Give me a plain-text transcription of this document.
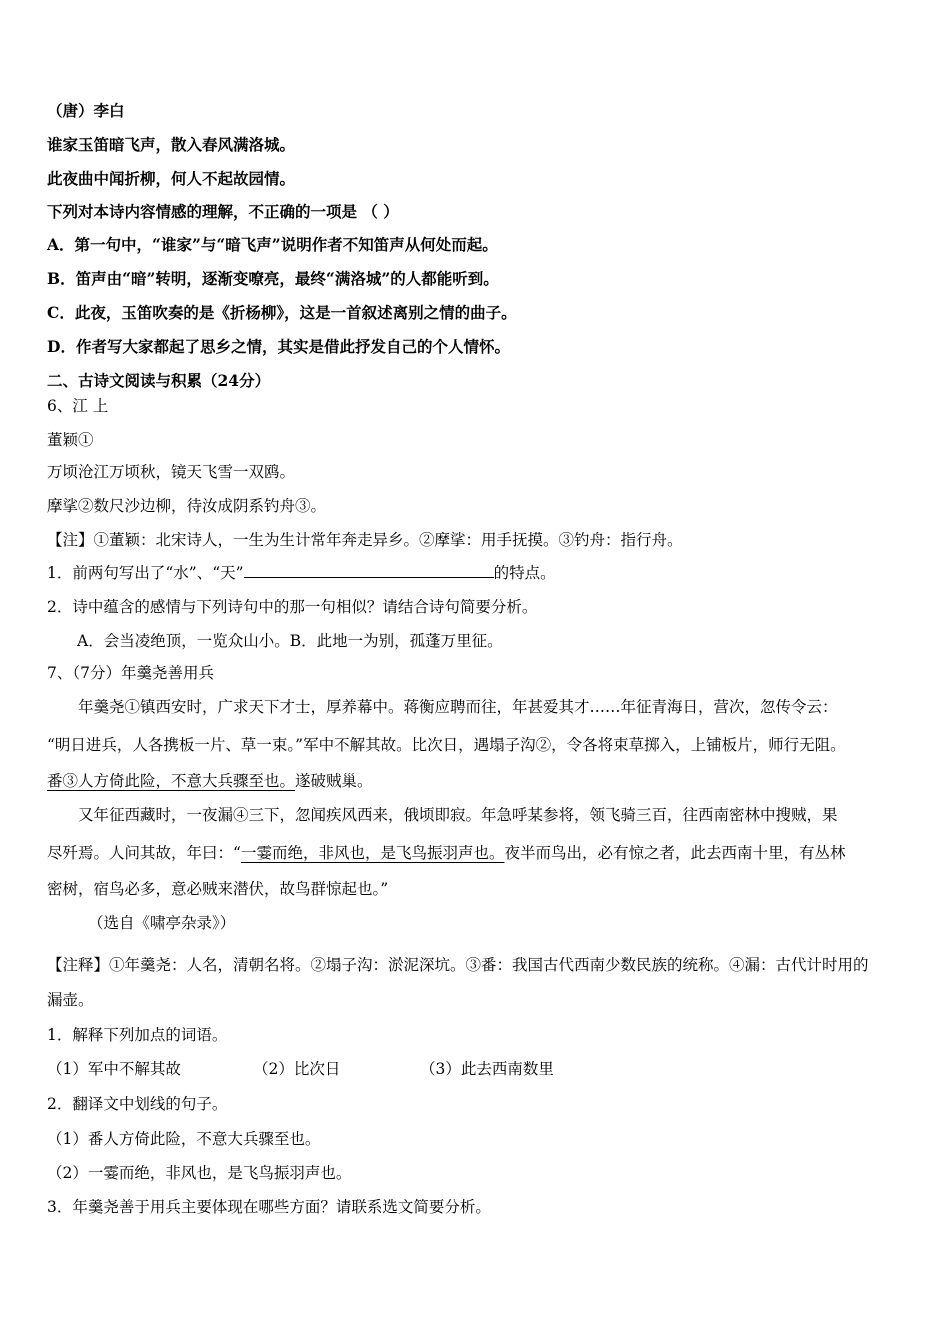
（唐）李白
谁家玉笛暗飞声，散入春风满洛城。
此夜曲中闻折柳，何人不起故园情。
下列对本诗内容情感的理解，不正确的一项是 （ ）
A．第一句中，“谁家”与“暗飞声”说明作者不知笛声从何处而起。
B．笛声由“暗”转明，逐渐变嘹亮，最终“满洛城”的人都能听到。
C．此夜，玉笛吹奏的是《折杨柳》，这是一首叙述离别之情的曲子。
D．作者写大家都起了思乡之情，其实是借此抒发自己的个人情怀。
二、古诗文阅读与积累（24分）
6、江 上
董颖①
万顷沧江万顷秋，镜天飞雪一双鸥。
摩挲②数尺沙边柳，待汝成阴系钓舟③。
【注】①董颖：北宋诗人，一生为生计常年奔走异乡。②摩挲：用手抚摸。③钓舟：指行舟。
1．前两句写出了“水”、“天”	的特点。
2．诗中蕴含的感情与下列诗句中的那一句相似？请结合诗句简要分析。
A．会当凌绝顶，一览众山小。B．此地一为别，孤蓬万里征。
7、（7分）年羹尧善用兵
年羹尧①镇西安时，广求天下才士，厚养幕中。蒋衡应聘而往，年甚爱其才……年征青海日，营次，忽传令云：
“明日进兵，人各携板一片、草一束。”军中不解其故。比次日，遇塌子沟②，令各将束草掷入，上铺板片，师行无阻。
番③人方倚此险，不意大兵骤至也。遂破贼巢。
又年征西藏时，一夜漏④三下，忽闻疾风西来，俄顷即寂。年急呼某参将，领飞骑三百，往西南密林中搜贼，果
尽歼焉。人问其故，年曰：“一霎而绝，非风也，是飞鸟振羽声也。夜半而鸟出，必有惊之者，此去西南十里，有丛林
密树，宿鸟必多，意必贼来潜伏，故鸟群惊起也。”
（选自《啸亭杂录》）
【注释】①年羹尧：人名，清朝名将。②塌子沟：淤泥深坑。③番：我国古代西南少数民族的统称。④漏：古代计时用的
漏壶。
1．解释下列加点的词语。
（1）军中不解其故	（2）比次日	（3）此去西南数里
2．翻译文中划线的句子。
（1）番人方倚此险，不意大兵骤至也。
（2）一霎而绝，非风也，是飞鸟振羽声也。
3．年羹尧善于用兵主要体现在哪些方面？请联系选文简要分析。
